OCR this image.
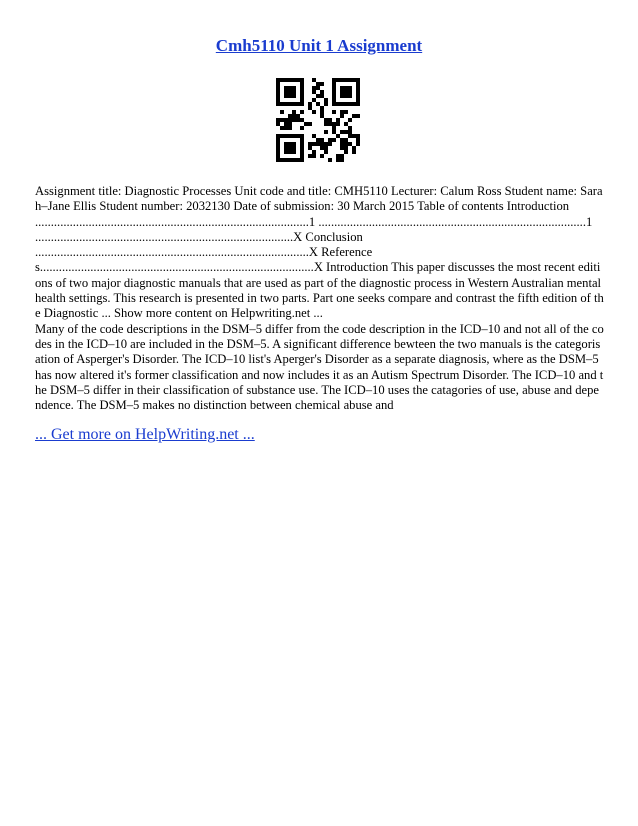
Cmh5110 Unit 1 Assignment

Assignment title: Diagnostic Processes Unit code and title: CMH5110 Lecturer: Calum Ross Student name: Sarah–Jane Ellis Student number: 2032130 Date of submission: 30 March 2015 Table of contents Introduction .......................................................................................1 .....................................................................................1 ..................................................................................X Conclusion .......................................................................................X References.......................................................................................X Introduction This paper discusses the most recent editions of two major diagnostic manuals that are used as part of the diagnostic process in Western Australian mental health settings. This research is presented in two parts. Part one seeks compare and contrast the fifth edition of the Diagnostic ... Show more content on Helpwriting.net ...

Many of the code descriptions in the DSM–5 differ from the code description in the ICD–10 and not all of the codes in the ICD–10 are included in the DSM–5. A significant difference bewteen the two manuals is the categorisation of Asperger's Disorder. The ICD–10 list's Aperger's Disorder as a separate diagnosis, where as the DSM–5 has now altered it's former classification and now includes it as an Autism Spectrum Disorder. The ICD–10 and the DSM–5 differ in their classification of substance use. The ICD–10 uses the catagories of use, abuse and dependence. The DSM–5 makes no distinction between chemical abuse and

... Get more on HelpWriting.net ...
